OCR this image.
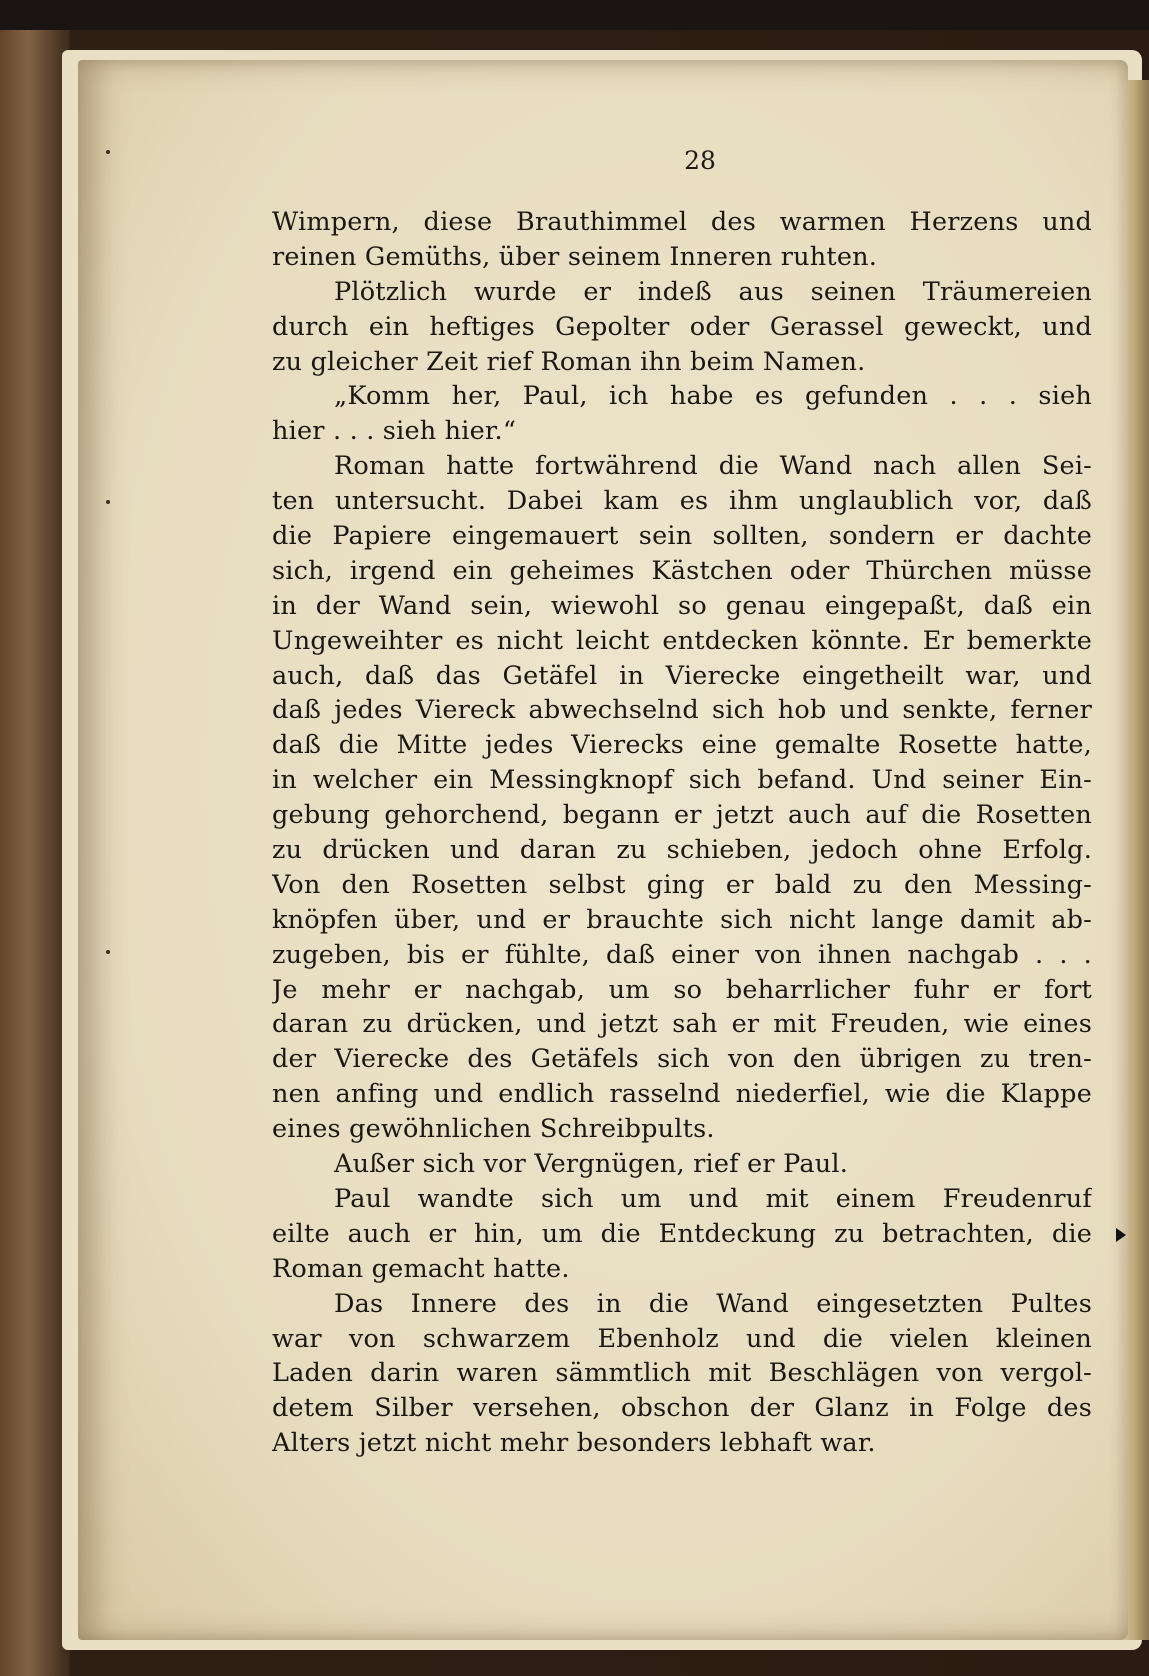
28
Wimpern, diese Brauthimmel des warmen Herzens und
reinen Gemüths, über seinem Inneren ruhten.
Plötzlich wurde er indeß aus seinen Träumereien
durch ein heftiges Gepolter oder Gerassel geweckt, und
zu gleicher Zeit rief Roman ihn beim Namen.
„Komm her, Paul, ich habe es gefunden . . . sieh
hier . . . sieh hier.“
Roman hatte fortwährend die Wand nach allen Sei-
ten untersucht. Dabei kam es ihm unglaublich vor, daß
die Papiere eingemauert sein sollten, sondern er dachte
sich, irgend ein geheimes Kästchen oder Thürchen müsse
in der Wand sein, wiewohl so genau eingepaßt, daß ein
Ungeweihter es nicht leicht entdecken könnte. Er bemerkte
auch, daß das Getäfel in Vierecke eingetheilt war, und
daß jedes Viereck abwechselnd sich hob und senkte, ferner
daß die Mitte jedes Vierecks eine gemalte Rosette hatte,
in welcher ein Messingknopf sich befand. Und seiner Ein-
gebung gehorchend, begann er jetzt auch auf die Rosetten
zu drücken und daran zu schieben, jedoch ohne Erfolg.
Von den Rosetten selbst ging er bald zu den Messing-
knöpfen über, und er brauchte sich nicht lange damit ab-
zugeben, bis er fühlte, daß einer von ihnen nachgab . . .
Je mehr er nachgab, um so beharrlicher fuhr er fort
daran zu drücken, und jetzt sah er mit Freuden, wie eines
der Vierecke des Getäfels sich von den übrigen zu tren-
nen anfing und endlich rasselnd niederfiel, wie die Klappe
eines gewöhnlichen Schreibpults.
Außer sich vor Vergnügen, rief er Paul.
Paul wandte sich um und mit einem Freudenruf
eilte auch er hin, um die Entdeckung zu betrachten, die
Roman gemacht hatte.
Das Innere des in die Wand eingesetzten Pultes
war von schwarzem Ebenholz und die vielen kleinen
Laden darin waren sämmtlich mit Beschlägen von vergol-
detem Silber versehen, obschon der Glanz in Folge des
Alters jetzt nicht mehr besonders lebhaft war.
